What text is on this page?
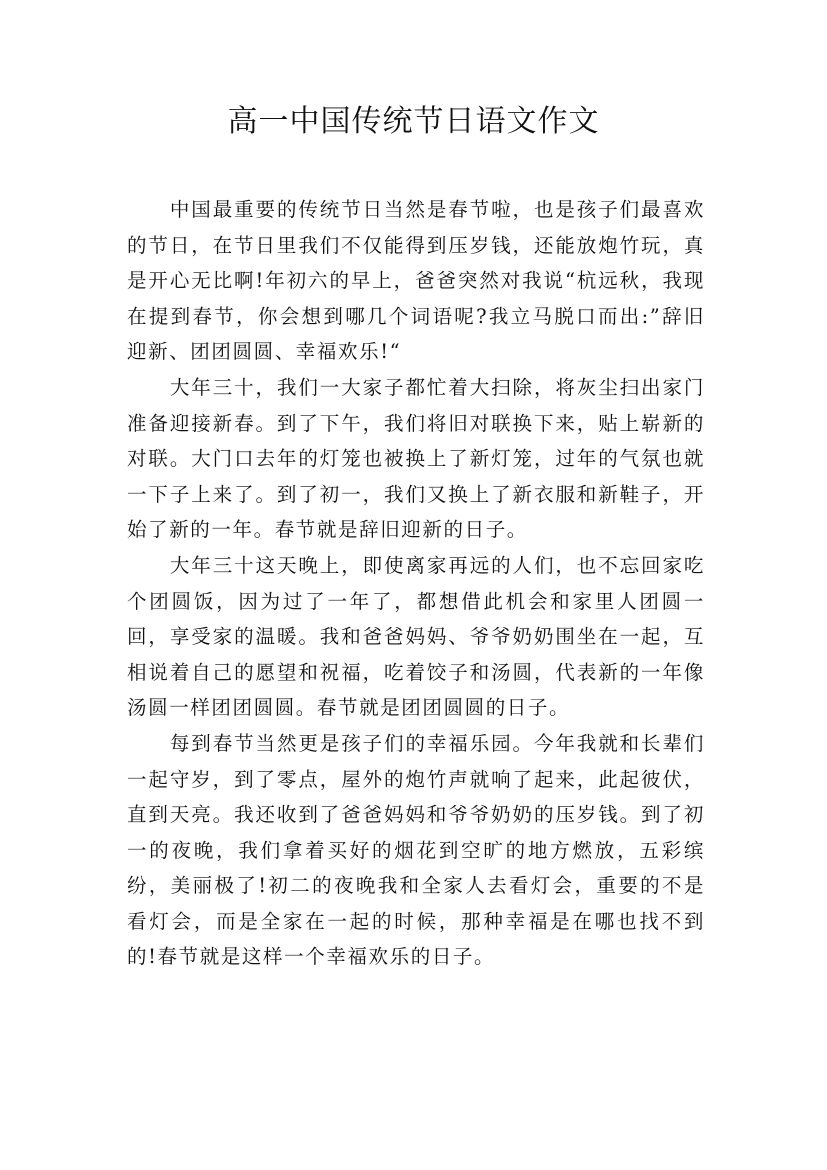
高一中国传统节日语文作文

中国最重要的传统节日当然是春节啦，也是孩子们最喜欢的节日，在节日里我们不仅能得到压岁钱，还能放炮竹玩，真是开心无比啊!年初六的早上，爸爸突然对我说“杭远秋，我现在提到春节，你会想到哪几个词语呢?我立马脱口而出:”辞旧迎新、团团圆圆、幸福欢乐!“

大年三十，我们一大家子都忙着大扫除，将灰尘扫出家门准备迎接新春。到了下午，我们将旧对联换下来，贴上崭新的对联。大门口去年的灯笼也被换上了新灯笼，过年的气氛也就一下子上来了。到了初一，我们又换上了新衣服和新鞋子，开始了新的一年。春节就是辞旧迎新的日子。

大年三十这天晚上，即使离家再远的人们，也不忘回家吃个团圆饭，因为过了一年了，都想借此机会和家里人团圆一回，享受家的温暖。我和爸爸妈妈、爷爷奶奶围坐在一起，互相说着自己的愿望和祝福，吃着饺子和汤圆，代表新的一年像汤圆一样团团圆圆。春节就是团团圆圆的日子。

每到春节当然更是孩子们的幸福乐园。今年我就和长辈们一起守岁，到了零点，屋外的炮竹声就响了起来，此起彼伏，直到天亮。我还收到了爸爸妈妈和爷爷奶奶的压岁钱。到了初一的夜晚，我们拿着买好的烟花到空旷的地方燃放，五彩缤纷，美丽极了!初二的夜晚我和全家人去看灯会，重要的不是看灯会，而是全家在一起的时候，那种幸福是在哪也找不到的!春节就是这样一个幸福欢乐的日子。
